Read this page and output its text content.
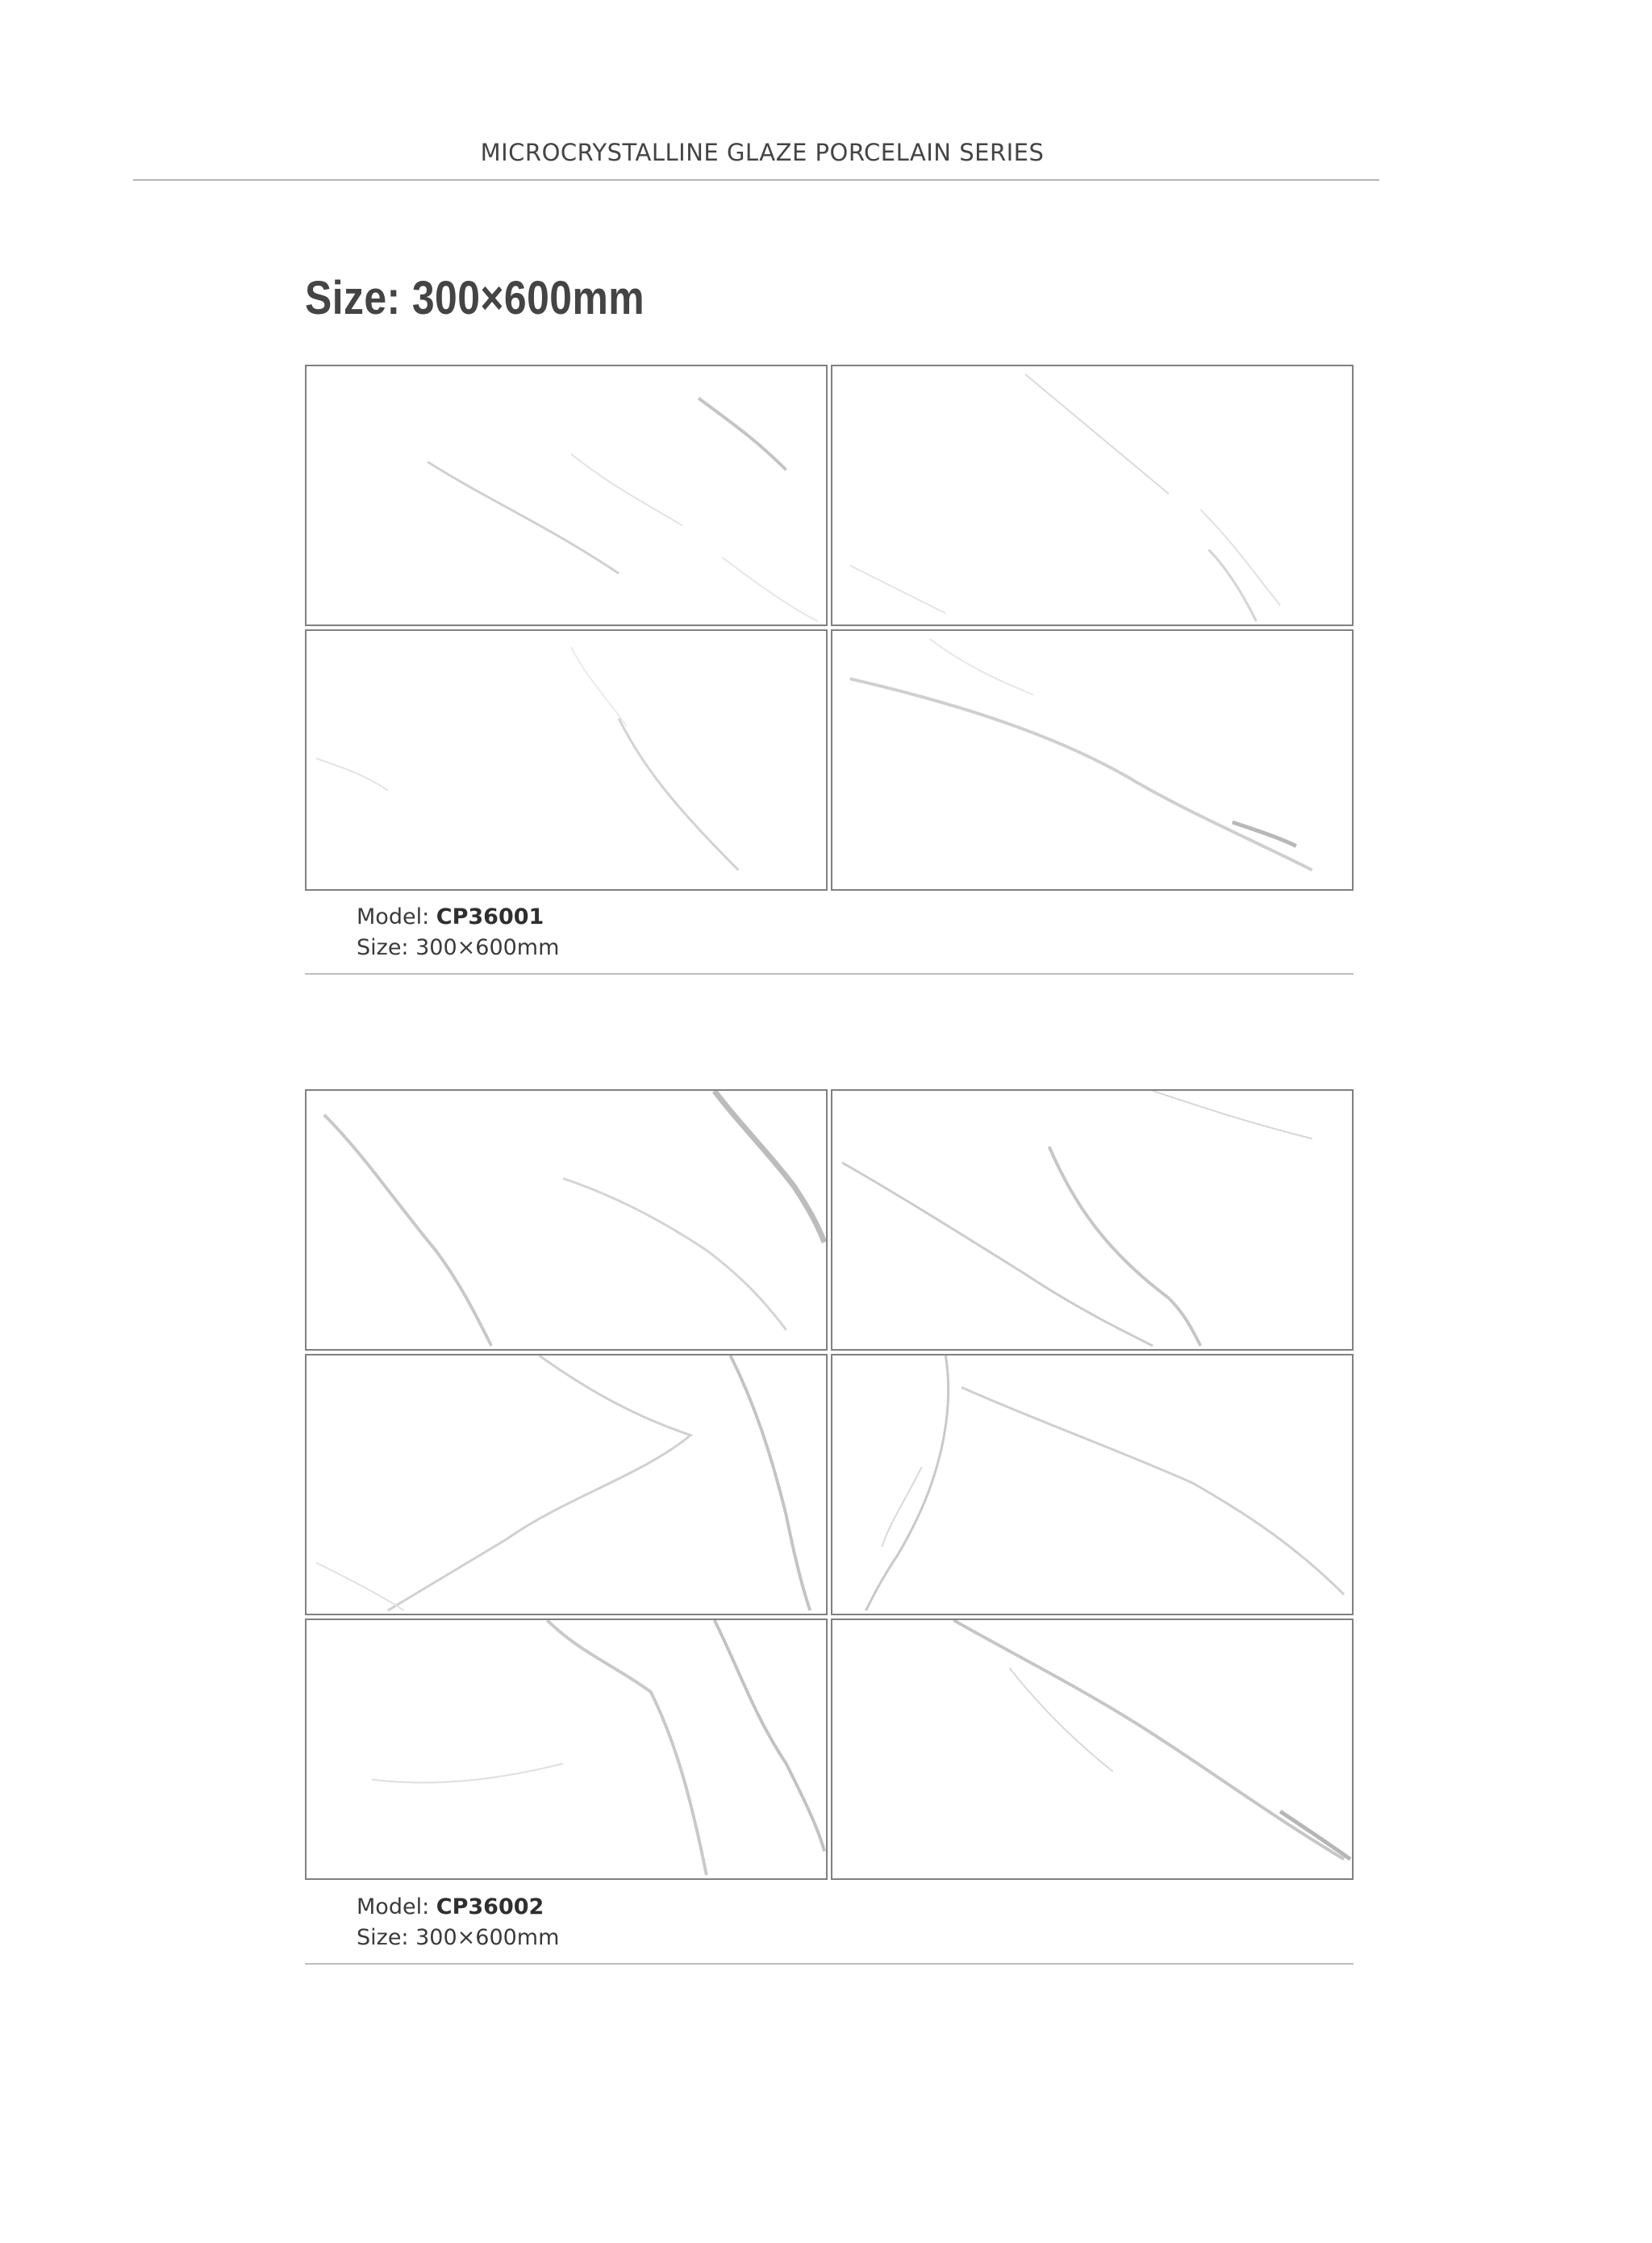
MICROCRYSTALLINE GLAZE PORCELAIN SERIES
Size: 300×600mm
Model: CP36001
Size: 300×600mm
Model: CP36002
Size: 300×600mm
